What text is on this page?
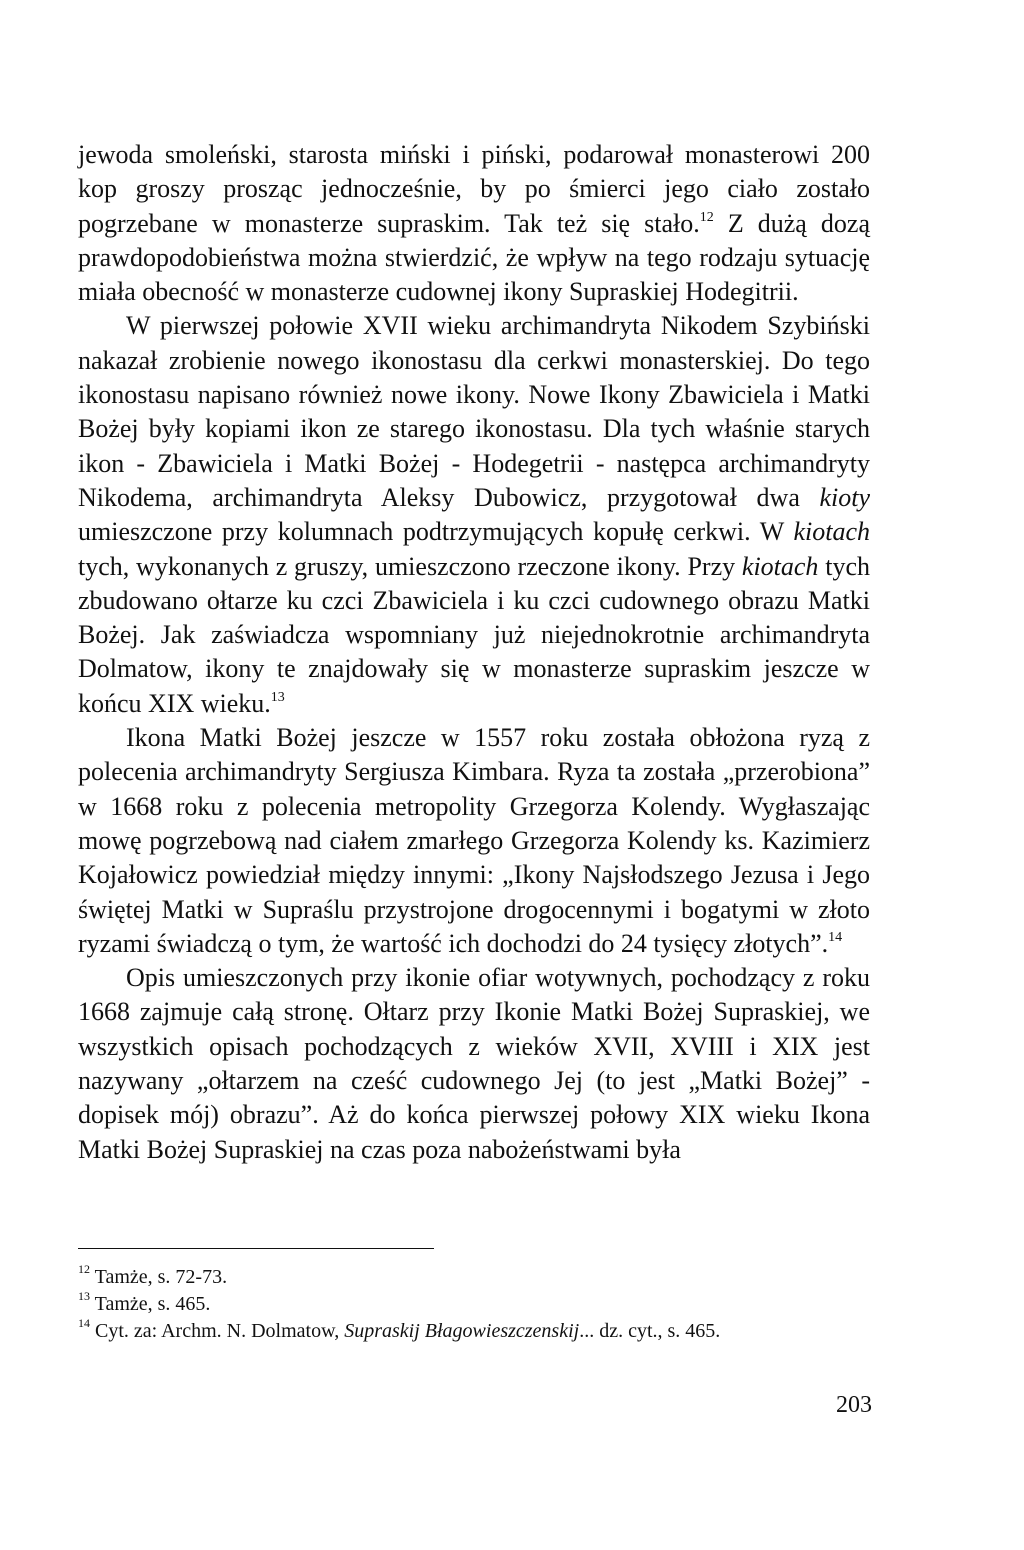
jewoda smoleński, starosta miński i piński, podarował monasterowi 200 kop groszy prosząc jednocześnie, by po śmierci jego ciało zostało pogrzebane w monasterze supraskim. Tak też się stało.$^{12}$ Z dużą dozą prawdopodobieństwa można stwierdzić, że wpływ na tego rodzaju sytuację miała obecność w monasterze cudownej ikony Supraskiej Hodegitrii.

W pierwszej połowie XVII wieku archimandryta Nikodem Szybiński nakazał zrobienie nowego ikonostasu dla cerkwi monasterskiej. Do tego ikonostasu napisano również nowe ikony. Nowe Ikony Zbawiciela i Matki Bożej były kopiami ikon ze starego ikonostasu. Dla tych właśnie starych ikon - Zbawiciela i Matki Bożej - Hodegetrii - następca archimandryty Nikodema, archimandryta Aleksy Dubowicz, przygotował dwa kioty umieszczone przy kolumnach podtrzymujących kopułę cerkwi. W kiotach tych, wykonanych z gruszy, umieszczono rzeczone ikony. Przy kiotach tych zbudowano ołtarze ku czci Zbawiciela i ku czci cudownego obrazu Matki Bożej. Jak zaświadcza wspomniany już niejednokrotnie archimandryta Dolmatow, ikony te znajdowały się w monasterze supraskim jeszcze w końcu XIX wieku.$^{13}$

Ikona Matki Bożej jeszcze w 1557 roku została obłożona ryzą z polecenia archimandryty Sergiusza Kimbara. Ryza ta została „przerobiona” w 1668 roku z polecenia metropolity Grzegorza Kolendy. Wygłaszając mowę pogrzebową nad ciałem zmarłego Grzegorza Kolendy ks. Kazimierz Kojałowicz powiedział między innymi: „Ikony Najsłodszego Jezusa i Jego świętej Matki w Supraślu przystrojone drogocennymi i bogatymi w złoto ryzami świadczą o tym, że wartość ich dochodzi do 24 tysięcy złotych”.$^{14}$

Opis umieszczonych przy ikonie ofiar wotywnych, pochodzący z roku 1668 zajmuje całą stronę. Ołtarz przy Ikonie Matki Bożej Supraskiej, we wszystkich opisach pochodzących z wieków XVII, XVIII i XIX jest nazywany „ołtarzem na cześć cudownego Jej (to jest „Matki Bożej” - dopisek mój) obrazu”. Aż do końca pierwszej połowy XIX wieku Ikona Matki Bożej Supraskiej na czas poza nabożeństwami była

$^{12}$ Tamże, s. 72-73.

$^{13}$ Tamże, s. 465.

$^{14}$ Cyt. za: Archm. N. Dolmatow, Supraskij Błagowieszczenskij... dz. cyt., s. 465.

203
